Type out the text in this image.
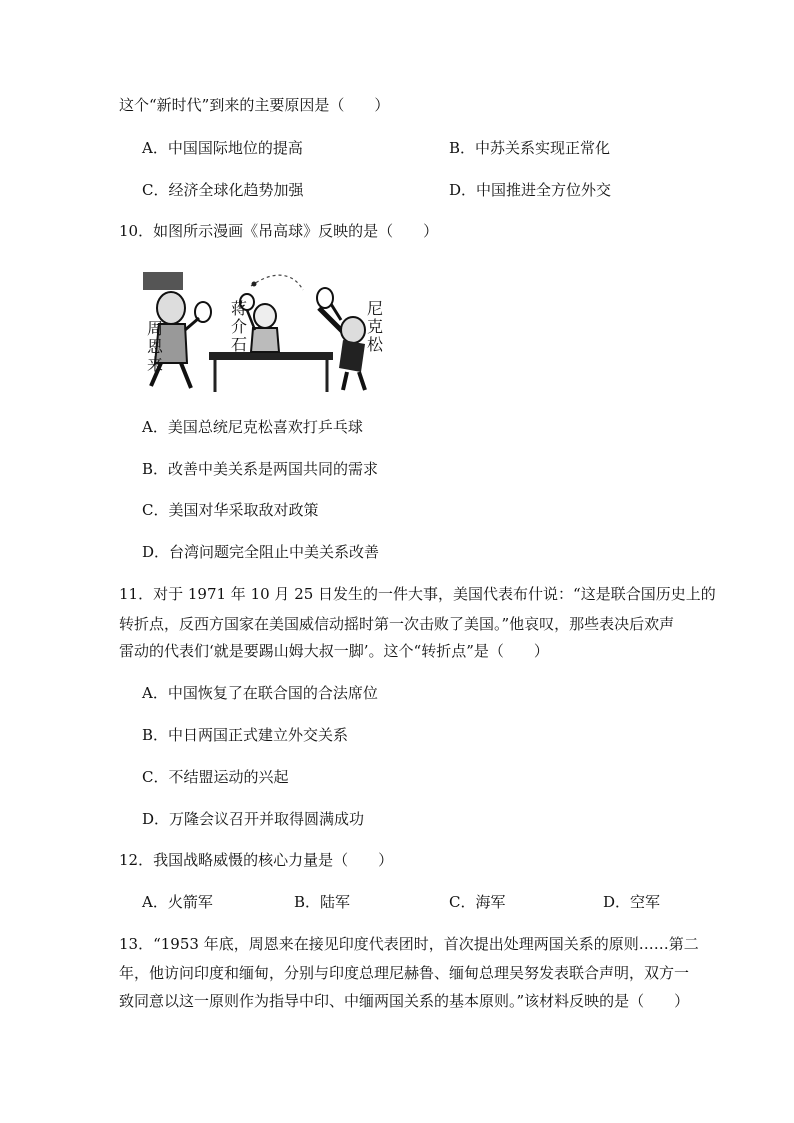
这个“新时代”到来的主要原因是（　　）
A．中国国际地位的提高	B．中苏关系实现正常化
C．经济全球化趋势加强	D．中国推进全方位外交
10．如图所示漫画《吊高球》反映的是（　　）
周
恩
来
蒋
介
石
尼
克
松
A．美国总统尼克松喜欢打乒乓球
B．改善中美关系是两国共同的需求
C．美国对华采取敌对政策
D．台湾问题完全阻止中美关系改善
11．对于 1971 年 10 月 25 日发生的一件大事，美国代表布什说：“这是联合国历史上的
转折点，反西方国家在美国威信动摇时第一次击败了美国。”他哀叹，那些表决后欢声
雷动的代表们‘就是要踢山姆大叔一脚’。这个“转折点”是（　　）
A．中国恢复了在联合国的合法席位
B．中日两国正式建立外交关系
C．不结盟运动的兴起
D．万隆会议召开并取得圆满成功
12．我国战略威慑的核心力量是（　　）
A．火箭军	B．陆军	C．海军	D．空军
13．“1953 年底，周恩来在接见印度代表团时，首次提出处理两国关系的原则……第二
年，他访问印度和缅甸，分别与印度总理尼赫鲁、缅甸总理吴努发表联合声明，双方一
致同意以这一原则作为指导中印、中缅两国关系的基本原则。”该材料反映的是（　　）
